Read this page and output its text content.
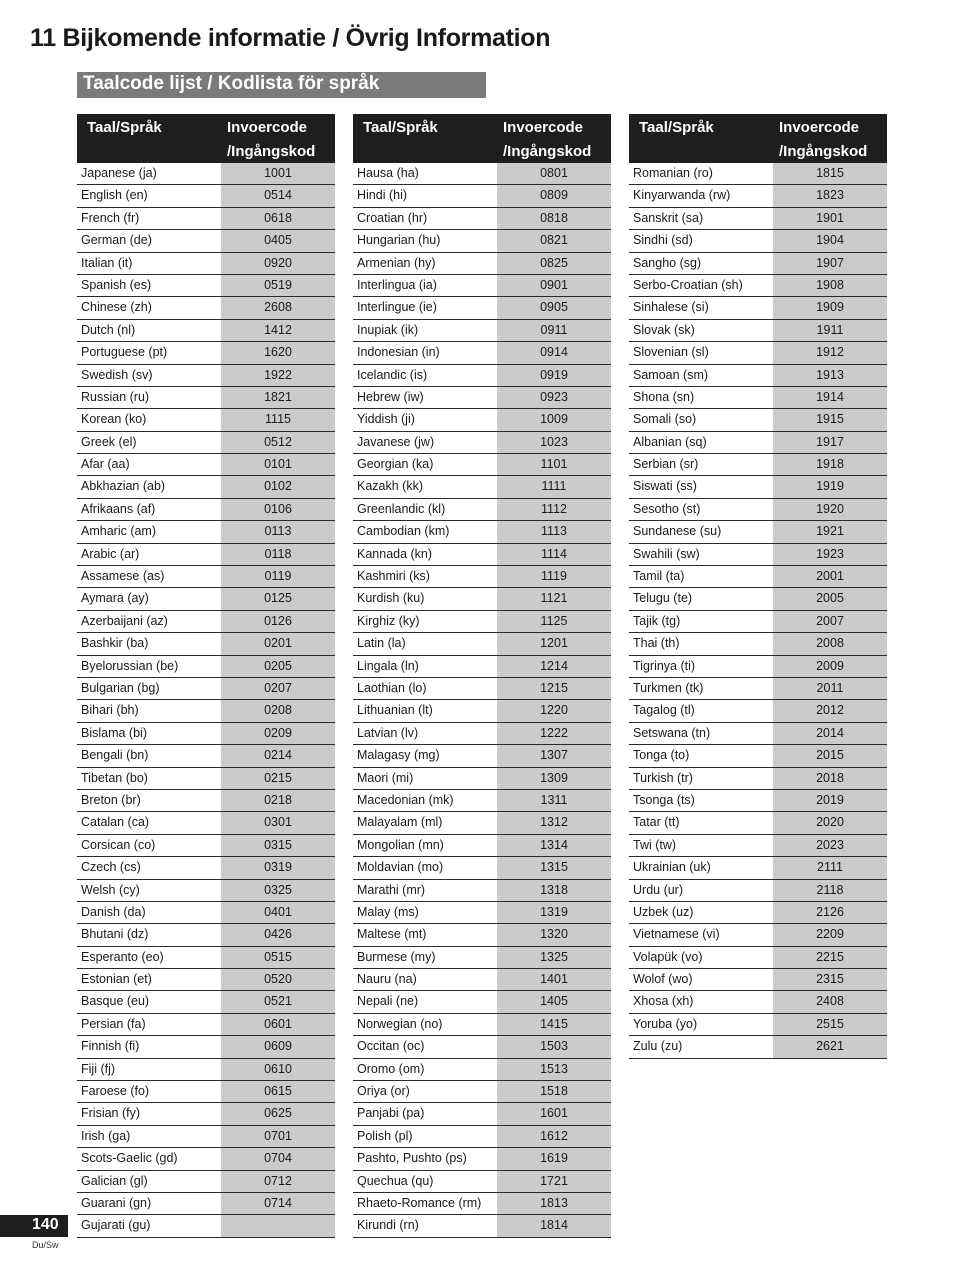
11 Bijkomende informatie / Övrig Information
Taalcode lijst / Kodlista för språk
Taal/Språk	Invoercode
/Ingångskod
Japanese (ja)	1001
English (en)	0514
French (fr)	0618
German (de)	0405
Italian (it)	0920
Spanish (es)	0519
Chinese (zh)	2608
Dutch (nl)	1412
Portuguese (pt)	1620
Swedish (sv)	1922
Russian (ru)	1821
Korean (ko)	1115
Greek (el)	0512
Afar (aa)	0101
Abkhazian (ab)	0102
Afrikaans (af)	0106
Amharic (am)	0113
Arabic (ar)	0118
Assamese (as)	0119
Aymara (ay)	0125
Azerbaijani (az)	0126
Bashkir (ba)	0201
Byelorussian (be)	0205
Bulgarian (bg)	0207
Bihari (bh)	0208
Bislama (bi)	0209
Bengali (bn)	0214
Tibetan (bo)	0215
Breton (br)	0218
Catalan (ca)	0301
Corsican (co)	0315
Czech (cs)	0319
Welsh (cy)	0325
Danish (da)	0401
Bhutani (dz)	0426
Esperanto (eo)	0515
Estonian (et)	0520
Basque (eu)	0521
Persian (fa)	0601
Finnish (fi)	0609
Fiji (fj)	0610
Faroese (fo)	0615
Frisian (fy)	0625
Irish (ga)	0701
Scots-Gaelic (gd)	0704
Galician (gl)	0712
Guarani (gn)	0714
Gujarati (gu)
Taal/Språk	Invoercode
/Ingångskod
Hausa (ha)	0801
Hindi (hi)	0809
Croatian (hr)	0818
Hungarian (hu)	0821
Armenian (hy)	0825
Interlingua (ia)	0901
Interlingue (ie)	0905
Inupiak (ik)	0911
Indonesian (in)	0914
Icelandic (is)	0919
Hebrew (iw)	0923
Yiddish (ji)	1009
Javanese (jw)	1023
Georgian (ka)	1101
Kazakh (kk)	1111
Greenlandic (kl)	1112
Cambodian (km)	1113
Kannada (kn)	1114
Kashmiri (ks)	1119
Kurdish (ku)	1121
Kirghiz (ky)	1125
Latin (la)	1201
Lingala (ln)	1214
Laothian (lo)	1215
Lithuanian (lt)	1220
Latvian (lv)	1222
Malagasy (mg)	1307
Maori (mi)	1309
Macedonian (mk)	1311
Malayalam (ml)	1312
Mongolian (mn)	1314
Moldavian (mo)	1315
Marathi (mr)	1318
Malay (ms)	1319
Maltese (mt)	1320
Burmese (my)	1325
Nauru (na)	1401
Nepali (ne)	1405
Norwegian (no)	1415
Occitan (oc)	1503
Oromo (om)	1513
Oriya (or)	1518
Panjabi (pa)	1601
Polish (pl)	1612
Pashto, Pushto (ps)	1619
Quechua (qu)	1721
Rhaeto-Romance (rm)	1813
Kirundi (rn)	1814
Taal/Språk	Invoercode
/Ingångskod
Romanian (ro)	1815
Kinyarwanda (rw)	1823
Sanskrit (sa)	1901
Sindhi (sd)	1904
Sangho (sg)	1907
Serbo-Croatian (sh)	1908
Sinhalese (si)	1909
Slovak (sk)	1911
Slovenian (sl)	1912
Samoan (sm)	1913
Shona (sn)	1914
Somali (so)	1915
Albanian (sq)	1917
Serbian (sr)	1918
Siswati (ss)	1919
Sesotho (st)	1920
Sundanese (su)	1921
Swahili (sw)	1923
Tamil (ta)	2001
Telugu (te)	2005
Tajik (tg)	2007
Thai (th)	2008
Tigrinya (ti)	2009
Turkmen (tk)	2011
Tagalog (tl)	2012
Setswana (tn)	2014
Tonga (to)	2015
Turkish (tr)	2018
Tsonga (ts)	2019
Tatar (tt)	2020
Twi (tw)	2023
Ukrainian (uk)	2111
Urdu (ur)	2118
Uzbek (uz)	2126
Vietnamese (vi)	2209
Volapük (vo)	2215
Wolof (wo)	2315
Xhosa (xh)	2408
Yoruba (yo)	2515
Zulu (zu)	2621
140
Du/Sw
